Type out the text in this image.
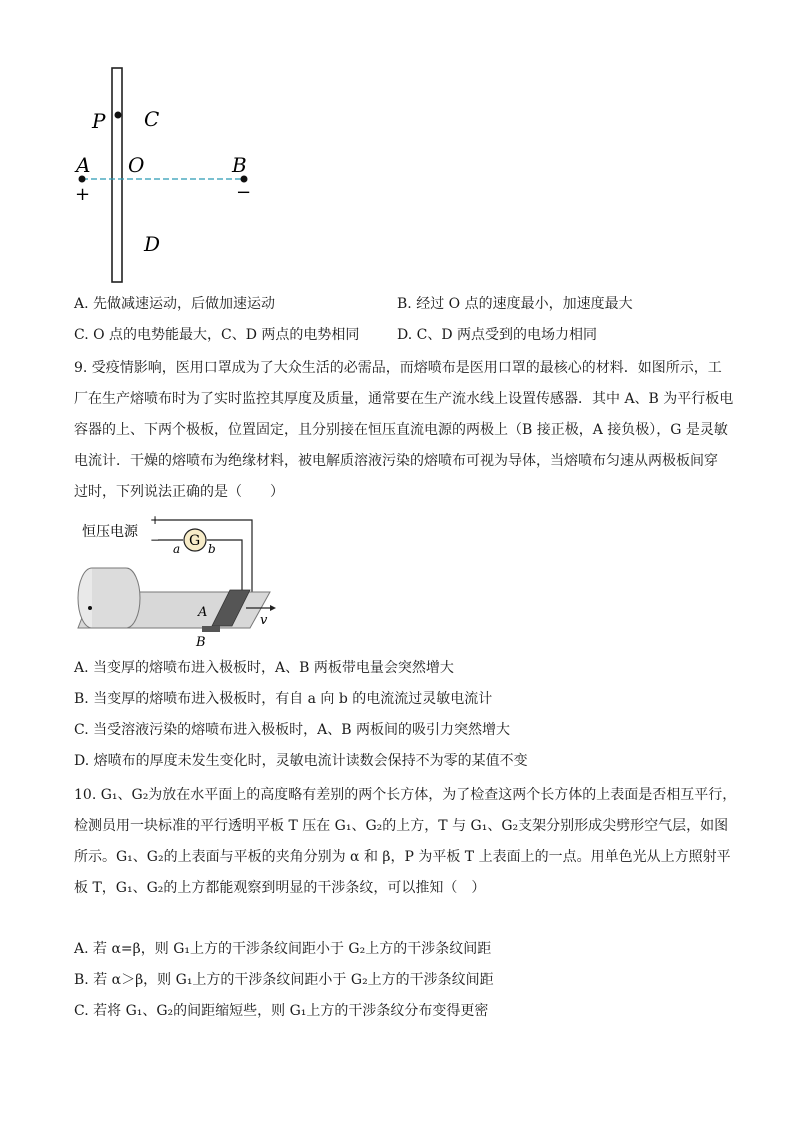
P C
A O	B
+	−
D
A. 先做减速运动，后做加速运动	B. 经过 O 点的速度最小，加速度最大
C. O 点的电势能最大，C、D 两点的电势相同	D. C、D 两点受到的电场力相同
9. 受疫情影响，医用口罩成为了大众生活的必需品，而熔喷布是医用口罩的最核心的材料．如图所示，工
厂在生产熔喷布时为了实时监控其厚度及质量，通常要在生产流水线上设置传感器．其中 A、B 为平行板电
容器的上、下两个极板，位置固定，且分别接在恒压直流电源的两极上（B 接正极，A 接负极），G 是灵敏
电流计．干燥的熔喷布为绝缘材料，被电解质溶液污染的熔喷布可视为导体，当熔喷布匀速从两极板间穿
过时，下列说法正确的是（　　）
恒压电源
+
− G
a b
A
B
v
A. 当变厚的熔喷布进入极板时，A、B 两板带电量会突然增大
B. 当变厚的熔喷布进入极板时，有自 a 向 b 的电流流过灵敏电流计
C. 当受溶液污染的熔喷布进入极板时，A、B 两板间的吸引力突然增大
D. 熔喷布的厚度未发生变化时，灵敏电流计读数会保持不为零的某值不变
10. G₁、G₂为放在水平面上的高度略有差别的两个长方体，为了检查这两个长方体的上表面是否相互平行，
检测员用一块标准的平行透明平板 T 压在 G₁、G₂的上方，T 与 G₁、G₂支架分别形成尖劈形空气层，如图
所示。G₁、G₂的上表面与平板的夹角分别为 α 和 β，P 为平板 T 上表面上的一点。用单色光从上方照射平
板 T，G₁、G₂的上方都能观察到明显的干涉条纹，可以推知（　）
A. 若 α=β，则 G₁上方的干涉条纹间距小于 G₂上方的干涉条纹间距
B. 若 α＞β，则 G₁上方的干涉条纹间距小于 G₂上方的干涉条纹间距
C. 若将 G₁、G₂的间距缩短些，则 G₁上方的干涉条纹分布变得更密
